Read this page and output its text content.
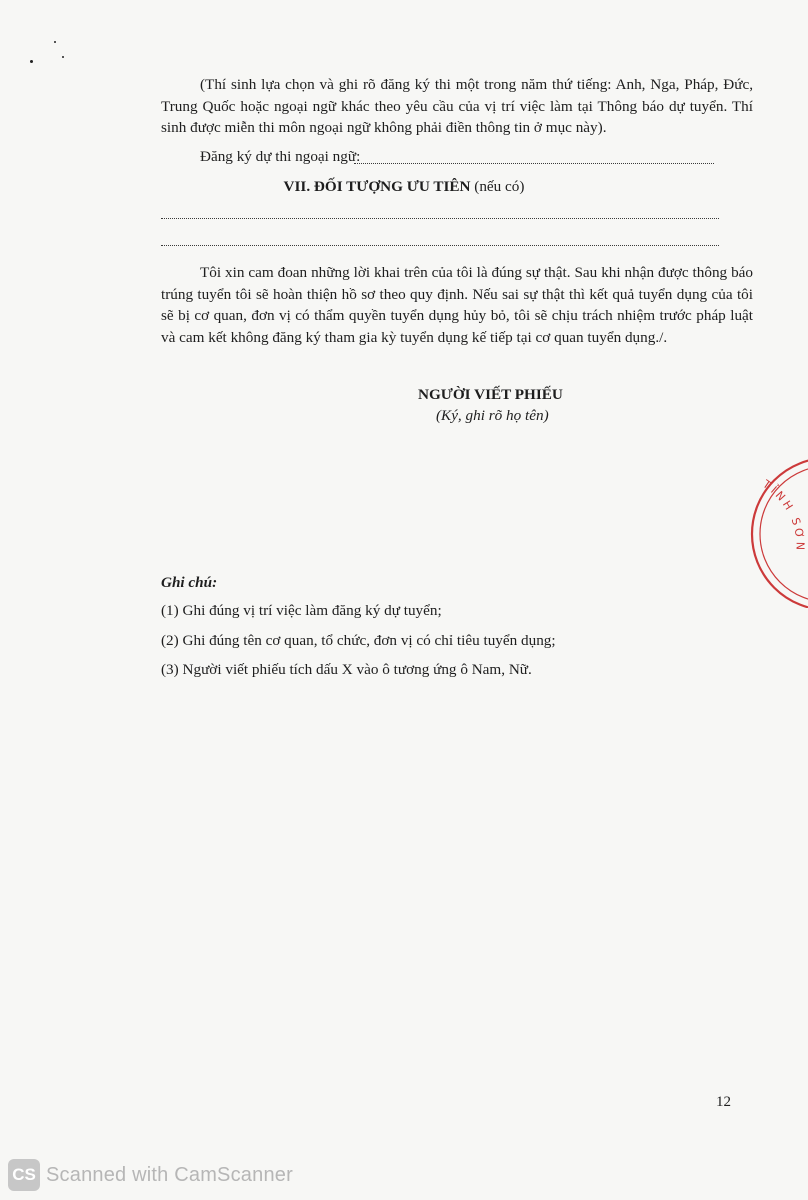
(Thí sinh lựa chọn và ghi rõ đăng ký thi một trong năm thứ tiếng: Anh, Nga, Pháp, Đức, Trung Quốc hoặc ngoại ngữ khác theo yêu cầu của vị trí việc làm tại Thông báo dự tuyển. Thí sinh được miễn thi môn ngoại ngữ không phải điền thông tin ở mục này).
Đăng ký dự thi ngoại ngữ:
VII. ĐỐI TƯỢNG ƯU TIÊN (nếu có)
Tôi xin cam đoan những lời khai trên của tôi là đúng sự thật. Sau khi nhận được thông báo trúng tuyển tôi sẽ hoàn thiện hồ sơ theo quy định. Nếu sai sự thật thì kết quả tuyển dụng của tôi sẽ bị cơ quan, đơn vị có thẩm quyền tuyển dụng hủy bỏ, tôi sẽ chịu trách nhiệm trước pháp luật và cam kết không đăng ký tham gia kỳ tuyển dụng kế tiếp tại cơ quan tuyển dụng./.
NGƯỜI VIẾT PHIẾU
(Ký, ghi rõ họ tên)
TỈNH SƠN
Ghi chú:
(1) Ghi đúng vị trí việc làm đăng ký dự tuyển;
(2) Ghi đúng tên cơ quan, tổ chức, đơn vị có chỉ tiêu tuyển dụng;
(3) Người viết phiếu tích dấu X vào ô tương ứng ô Nam, Nữ.
12
CS Scanned with CamScanner
